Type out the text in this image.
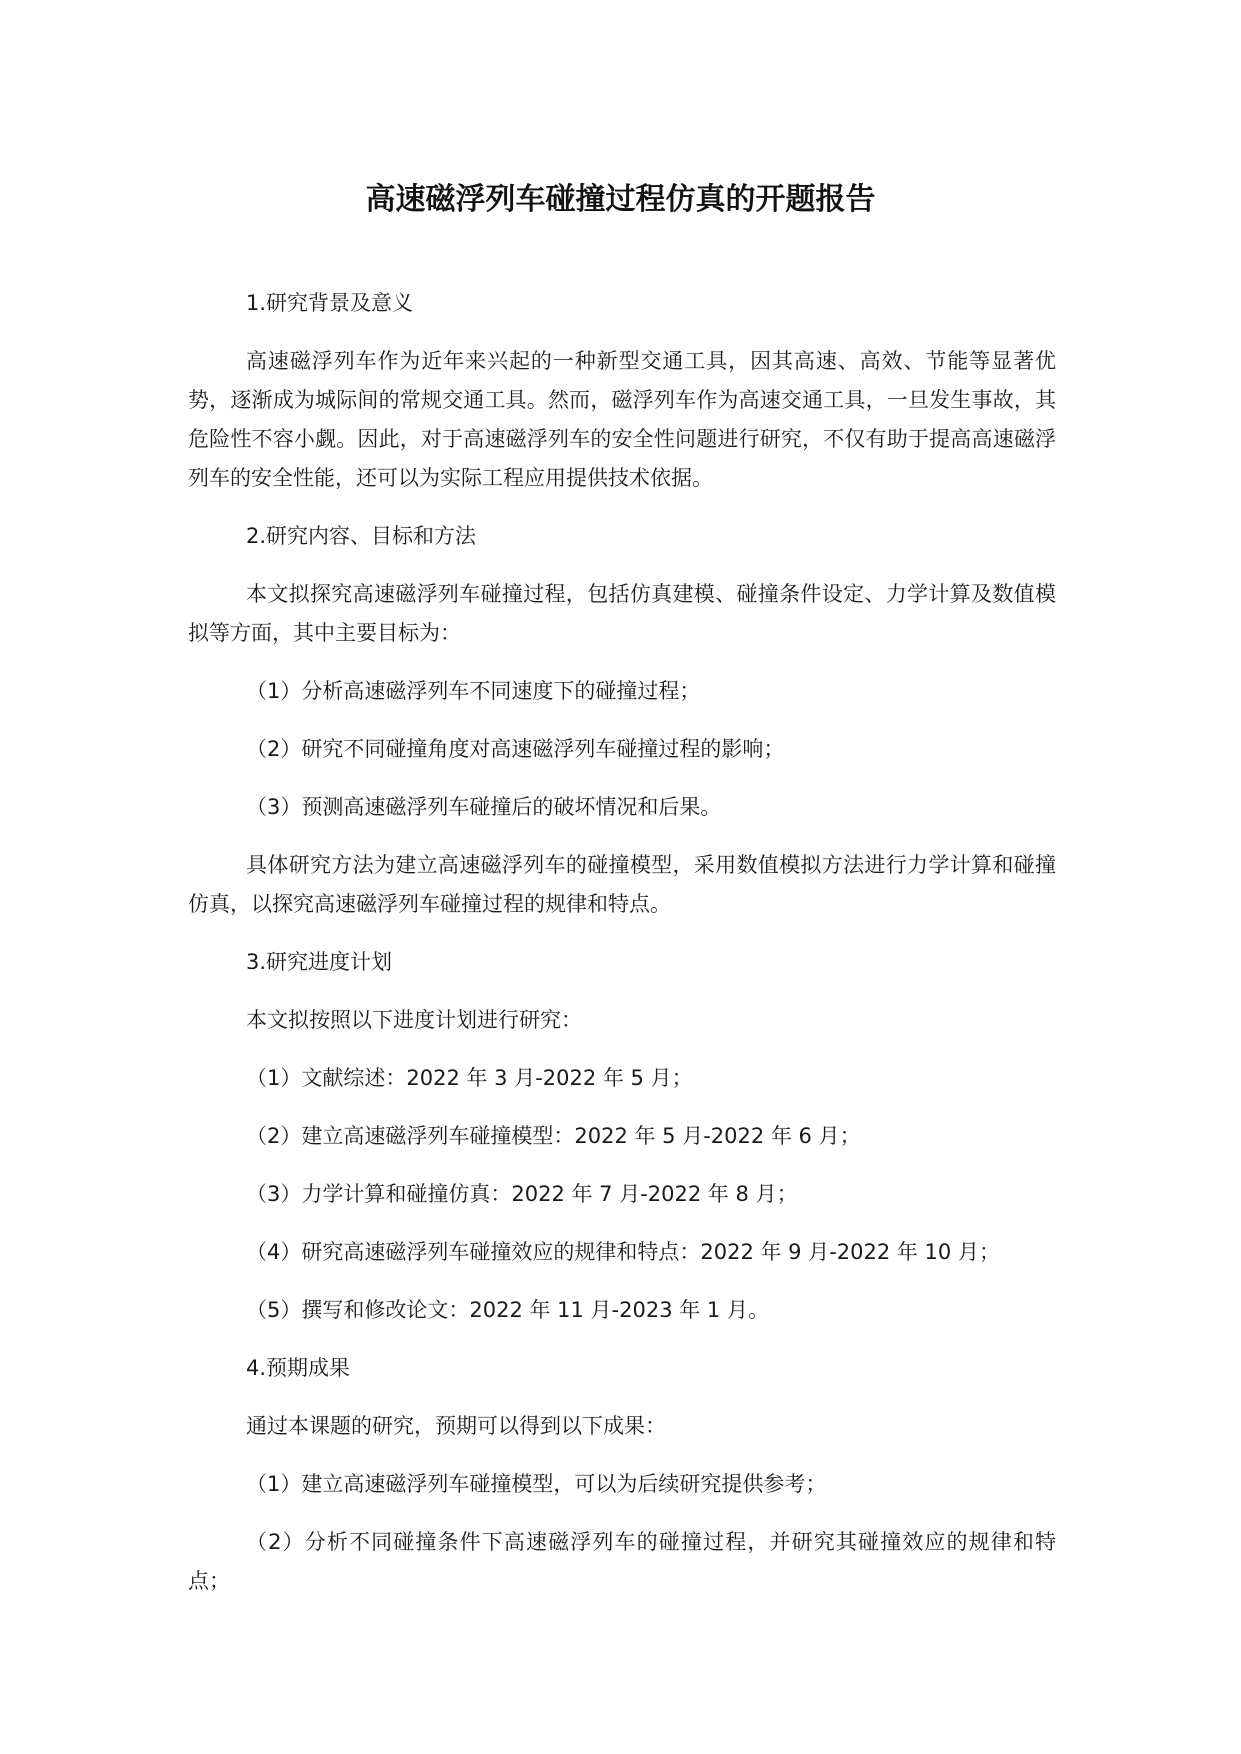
高速磁浮列车碰撞过程仿真的开题报告

1.研究背景及意义

高速磁浮列车作为近年来兴起的一种新型交通工具，因其高速、高效、节能等显著优势，逐渐成为城际间的常规交通工具。然而，磁浮列车作为高速交通工具，一旦发生事故，其危险性不容小觑。因此，对于高速磁浮列车的安全性问题进行研究，不仅有助于提高高速磁浮列车的安全性能，还可以为实际工程应用提供技术依据。

2.研究内容、目标和方法

本文拟探究高速磁浮列车碰撞过程，包括仿真建模、碰撞条件设定、力学计算及数值模拟等方面，其中主要目标为：

（1）分析高速磁浮列车不同速度下的碰撞过程；

（2）研究不同碰撞角度对高速磁浮列车碰撞过程的影响；

（3）预测高速磁浮列车碰撞后的破坏情况和后果。

具体研究方法为建立高速磁浮列车的碰撞模型，采用数值模拟方法进行力学计算和碰撞仿真，以探究高速磁浮列车碰撞过程的规律和特点。

3.研究进度计划

本文拟按照以下进度计划进行研究：

（1）文献综述：2022 年 3 月-2022 年 5 月；

（2）建立高速磁浮列车碰撞模型：2022 年 5 月-2022 年 6 月；

（3）力学计算和碰撞仿真：2022 年 7 月-2022 年 8 月；

（4）研究高速磁浮列车碰撞效应的规律和特点：2022 年 9 月-2022 年 10 月；

（5）撰写和修改论文：2022 年 11 月-2023 年 1 月。

4.预期成果

通过本课题的研究，预期可以得到以下成果：

（1）建立高速磁浮列车碰撞模型，可以为后续研究提供参考；

（2）分析不同碰撞条件下高速磁浮列车的碰撞过程，并研究其碰撞效应的规律和特点；
